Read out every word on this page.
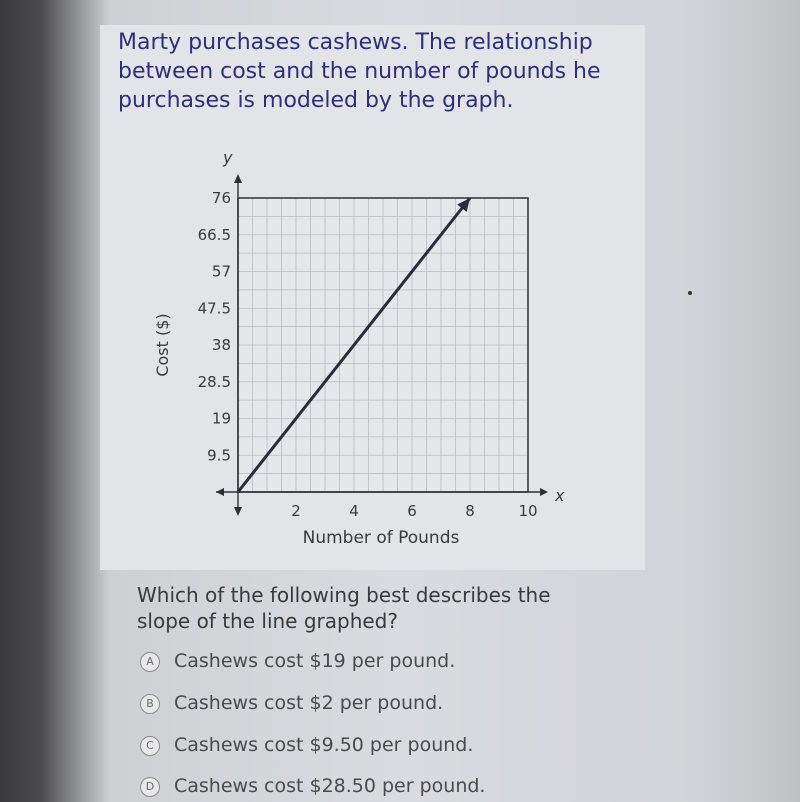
Marty purchases cashews. The relationship
between cost and the number of pounds he
purchases is modeled by the graph.
y
x
2	4	6	8	10
9.5
19
28.5
38
47.5
57
66.5
76
Number of Pounds
Cost ($)
Which of the following best describes the
slope of the line graphed?
A Cashews cost $19 per pound.
B Cashews cost $2 per pound.
C Cashews cost $9.50 per pound.
D Cashews cost $28.50 per pound.
